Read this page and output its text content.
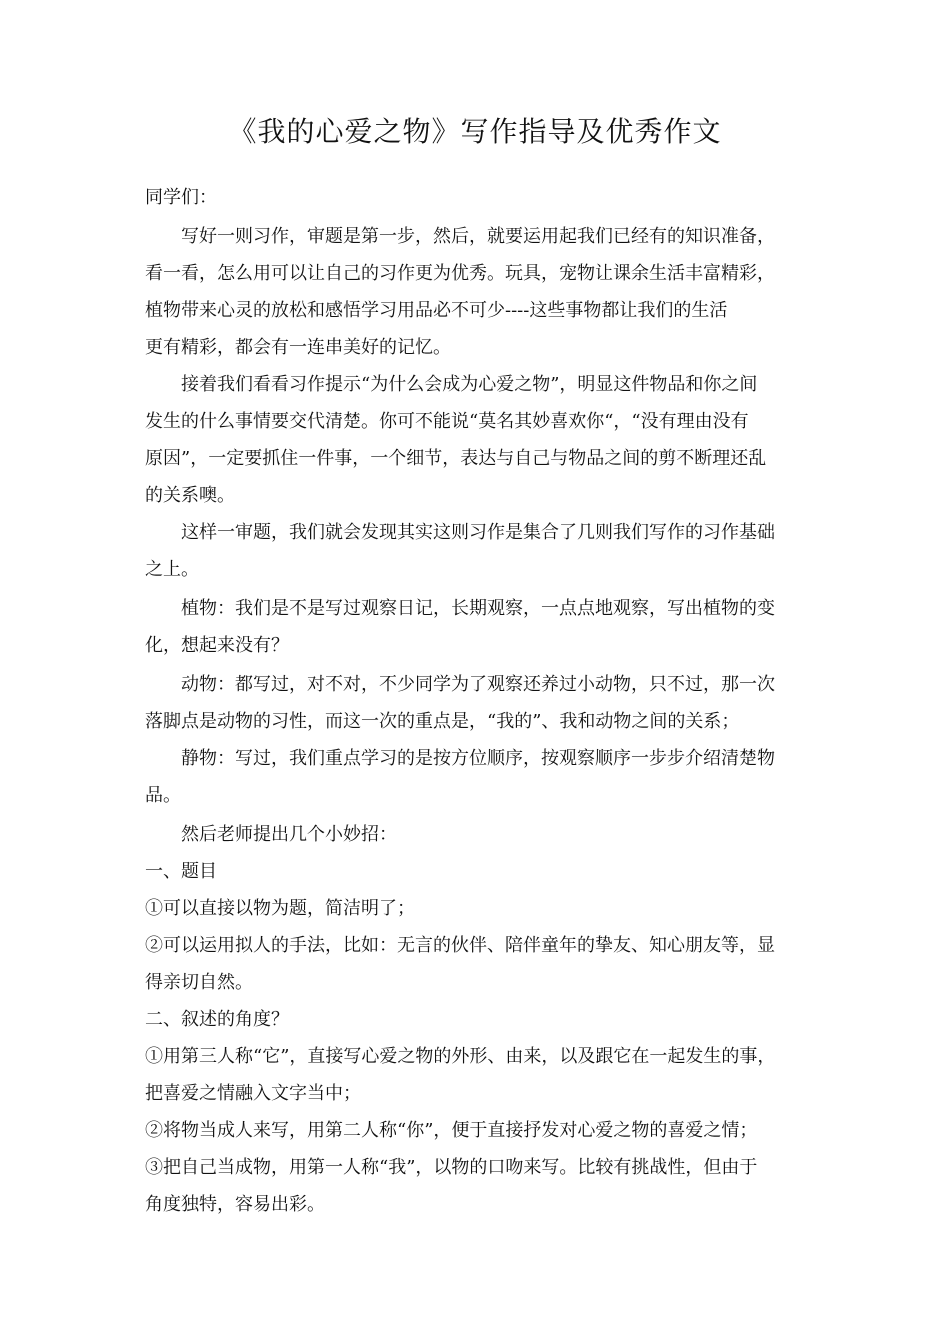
《我的心爱之物》写作指导及优秀作文
同学们：
写好一则习作，审题是第一步，然后，就要运用起我们已经有的知识准备，
看一看，怎么用可以让自己的习作更为优秀。玩具，宠物让课余生活丰富精彩，
植物带来心灵的放松和感悟学习用品必不可少----这些事物都让我们的生活
更有精彩，都会有一连串美好的记忆。
接着我们看看习作提示“为什么会成为心爱之物”，明显这件物品和你之间
发生的什么事情要交代清楚。你可不能说“莫名其妙喜欢你“，“没有理由没有
原因”，一定要抓住一件事，一个细节，表达与自己与物品之间的剪不断理还乱
的关系噢。
这样一审题，我们就会发现其实这则习作是集合了几则我们写作的习作基础
之上。
植物：我们是不是写过观察日记，长期观察，一点点地观察，写出植物的变
化，想起来没有？
动物：都写过，对不对，不少同学为了观察还养过小动物，只不过，那一次
落脚点是动物的习性，而这一次的重点是，“我的”、我和动物之间的关系；
静物：写过，我们重点学习的是按方位顺序，按观察顺序一步步介绍清楚物
品。
然后老师提出几个小妙招：
一、题目
①可以直接以物为题，简洁明了；
②可以运用拟人的手法，比如：无言的伙伴、陪伴童年的挚友、知心朋友等，显
得亲切自然。
二、叙述的角度？
①用第三人称“它”，直接写心爱之物的外形、由来，以及跟它在一起发生的事，
把喜爱之情融入文字当中；
②将物当成人来写，用第二人称“你”，便于直接抒发对心爱之物的喜爱之情；
③把自己当成物，用第一人称“我”，以物的口吻来写。比较有挑战性，但由于
角度独特，容易出彩。
